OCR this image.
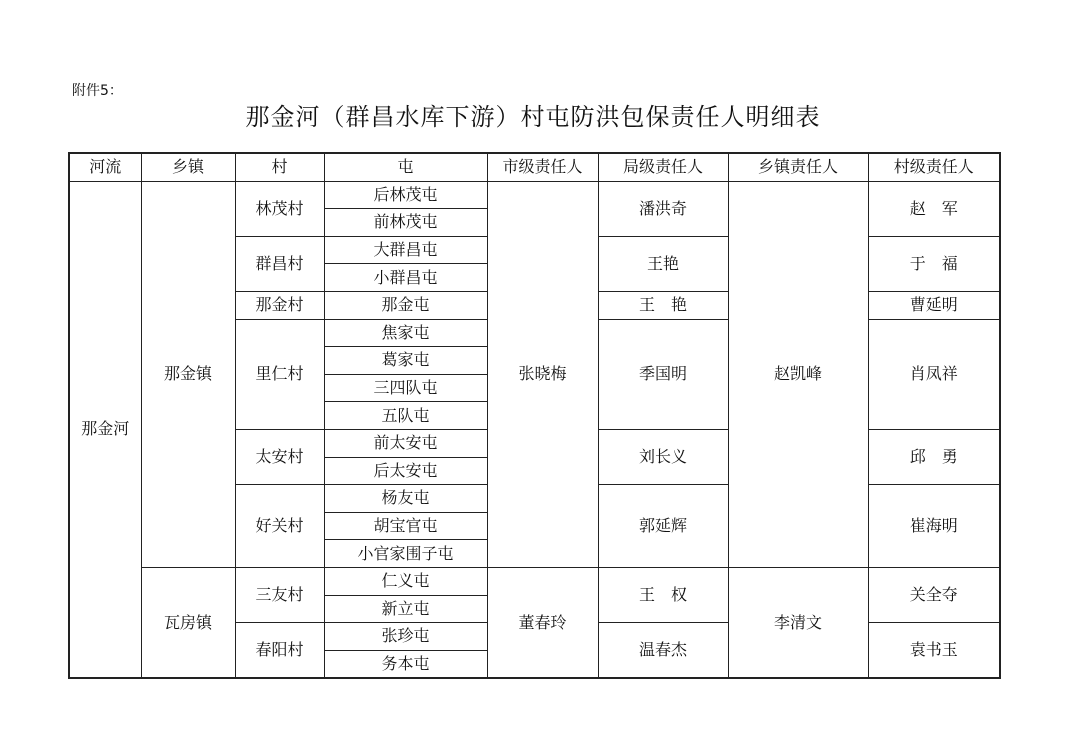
附件5：
那金河（群昌水库下游）村屯防洪包保责任人明细表
河流	乡镇	村	屯	市级责任人	局级责任人	乡镇责任人	村级责任人
那金河	那金镇	林茂村	后林茂屯	张晓梅	潘洪奇	赵凯峰	赵　军
			前林茂屯				
		群昌村	大群昌屯		王艳		于　福
			小群昌屯				
		那金村	那金屯		王　艳		曹延明
		里仁村	焦家屯		季国明		肖凤祥
			葛家屯				
			三四队屯				
			五队屯				
		太安村	前太安屯		刘长义		邱　勇
			后太安屯				
		好关村	杨友屯		郭延辉		崔海明
			胡宝官屯				
			小官家围子屯				
	瓦房镇	三友村	仁义屯	董春玲	王　权	李清文	关全夺
			新立屯				
		春阳村	张珍屯		温春杰		袁书玉
			务本屯				
